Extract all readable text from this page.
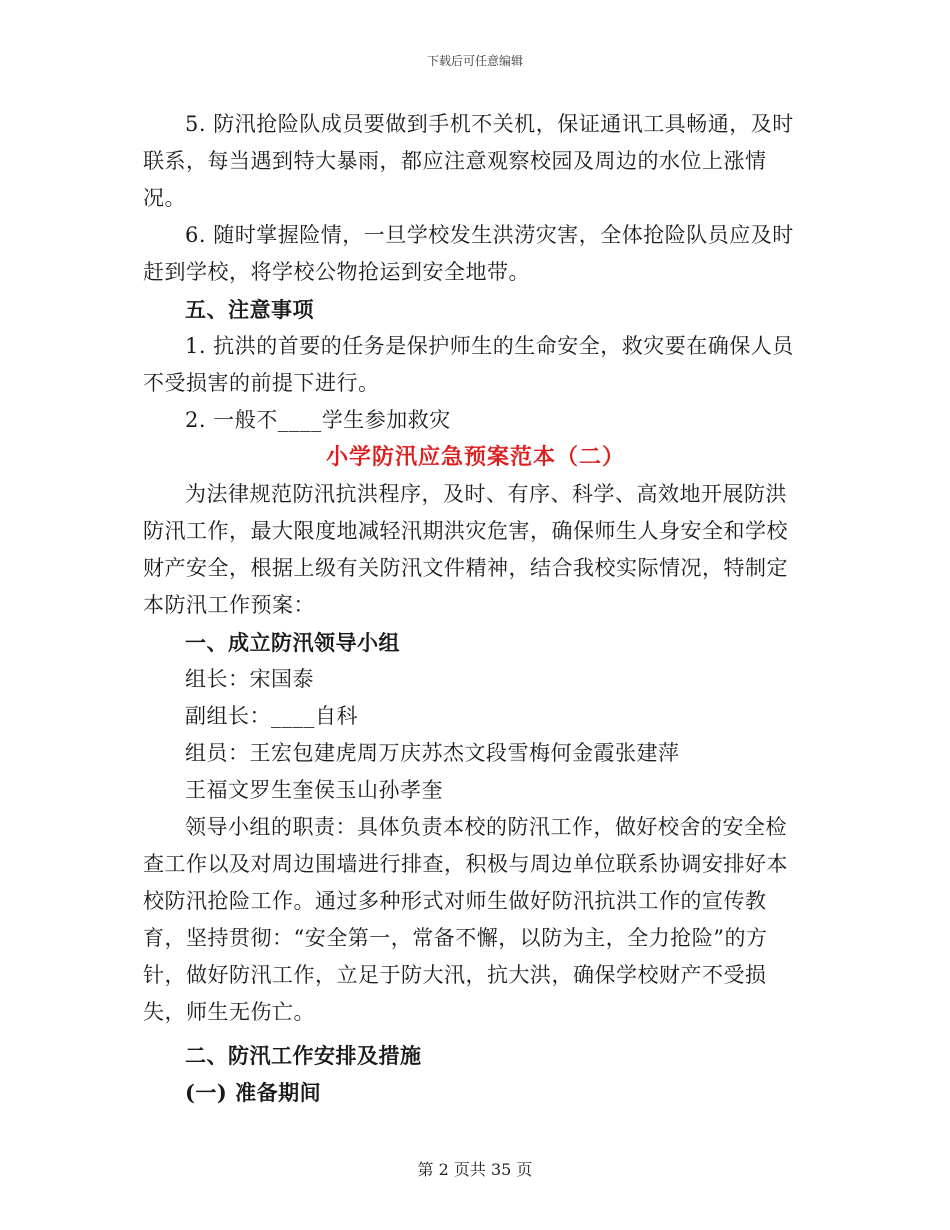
下载后可任意编辑

5. 防汛抢险队成员要做到手机不关机，保证通讯工具畅通，及时联系，每当遇到特大暴雨，都应注意观察校园及周边的水位上涨情况。

6. 随时掌握险情，一旦学校发生洪涝灾害，全体抢险队员应及时赶到学校，将学校公物抢运到安全地带。

五、注意事项

1. 抗洪的首要的任务是保护师生的生命安全，救灾要在确保人员不受损害的前提下进行。

2. 一般不____学生参加救灾

小学防汛应急预案范本（二）

为法律规范防汛抗洪程序，及时、有序、科学、高效地开展防洪防汛工作，最大限度地减轻汛期洪灾危害，确保师生人身安全和学校财产安全，根据上级有关防汛文件精神，结合我校实际情况，特制定本防汛工作预案：

一、成立防汛领导小组

组长：宋国泰

副组长：____自科

组员：王宏包建虎周万庆苏杰文段雪梅何金霞张建萍

王福文罗生奎侯玉山孙孝奎

领导小组的职责：具体负责本校的防汛工作，做好校舍的安全检查工作以及对周边围墙进行排查，积极与周边单位联系协调安排好本校防汛抢险工作。通过多种形式对师生做好防汛抗洪工作的宣传教育，坚持贯彻：“安全第一，常备不懈，以防为主，全力抢险”的方针，做好防汛工作，立足于防大汛，抗大洪，确保学校财产不受损失，师生无伤亡。

二、防汛工作安排及措施

(一) 准备期间

第 2 页共 35 页
